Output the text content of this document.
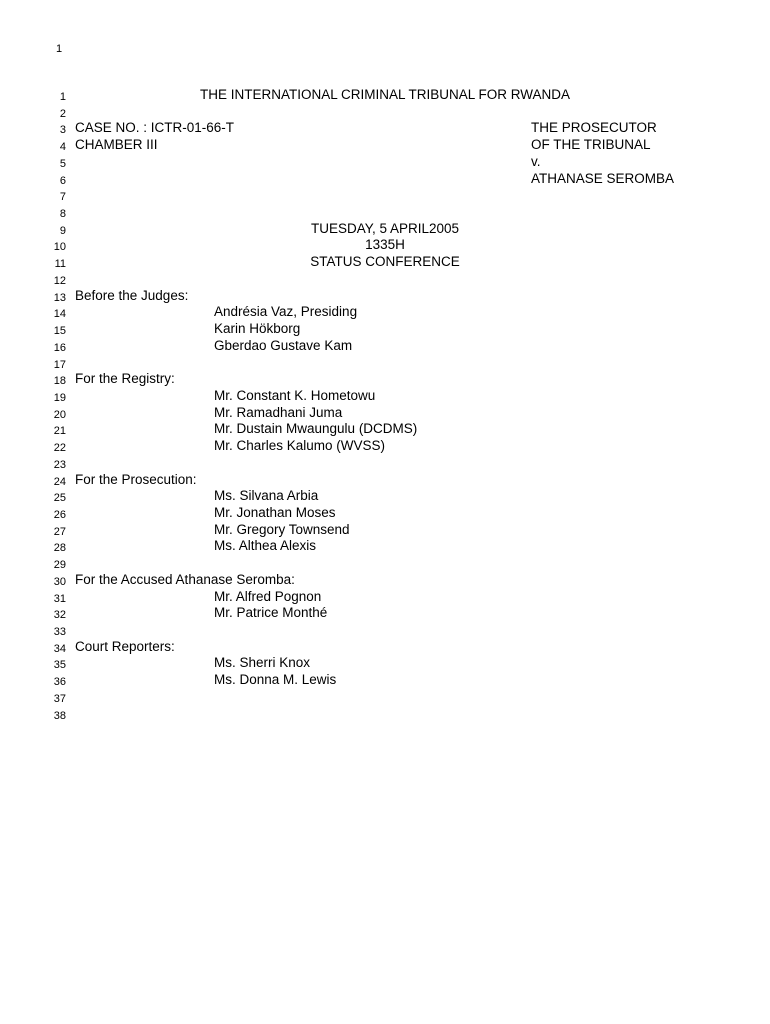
1
1	THE INTERNATIONAL CRIMINAL TRIBUNAL FOR RWANDA
2
3 CASE NO. : ICTR-01-66-T	THE PROSECUTOR
4 CHAMBER III	OF THE TRIBUNAL
5	v.
6	ATHANASE SEROMBA
7
8
9	TUESDAY, 5 APRIL2005
10	1335H
11	STATUS CONFERENCE
12
13 Before the Judges:
14	Andrésia Vaz, Presiding
15	Karin Hökborg
16	Gberdao Gustave Kam
17
18 For the Registry:
19	Mr. Constant K. Hometowu
20	Mr. Ramadhani Juma
21	Mr. Dustain Mwaungulu (DCDMS)
22	Mr. Charles Kalumo (WVSS)
23
24 For the Prosecution:
25	Ms. Silvana Arbia
26	Mr. Jonathan Moses
27	Mr. Gregory Townsend
28	Ms. Althea Alexis
29
30 For the Accused Athanase Seromba:
31	Mr. Alfred Pognon
32	Mr. Patrice Monthé
33
34 Court Reporters:
35	Ms. Sherri Knox
36	Ms. Donna M. Lewis
37
38
